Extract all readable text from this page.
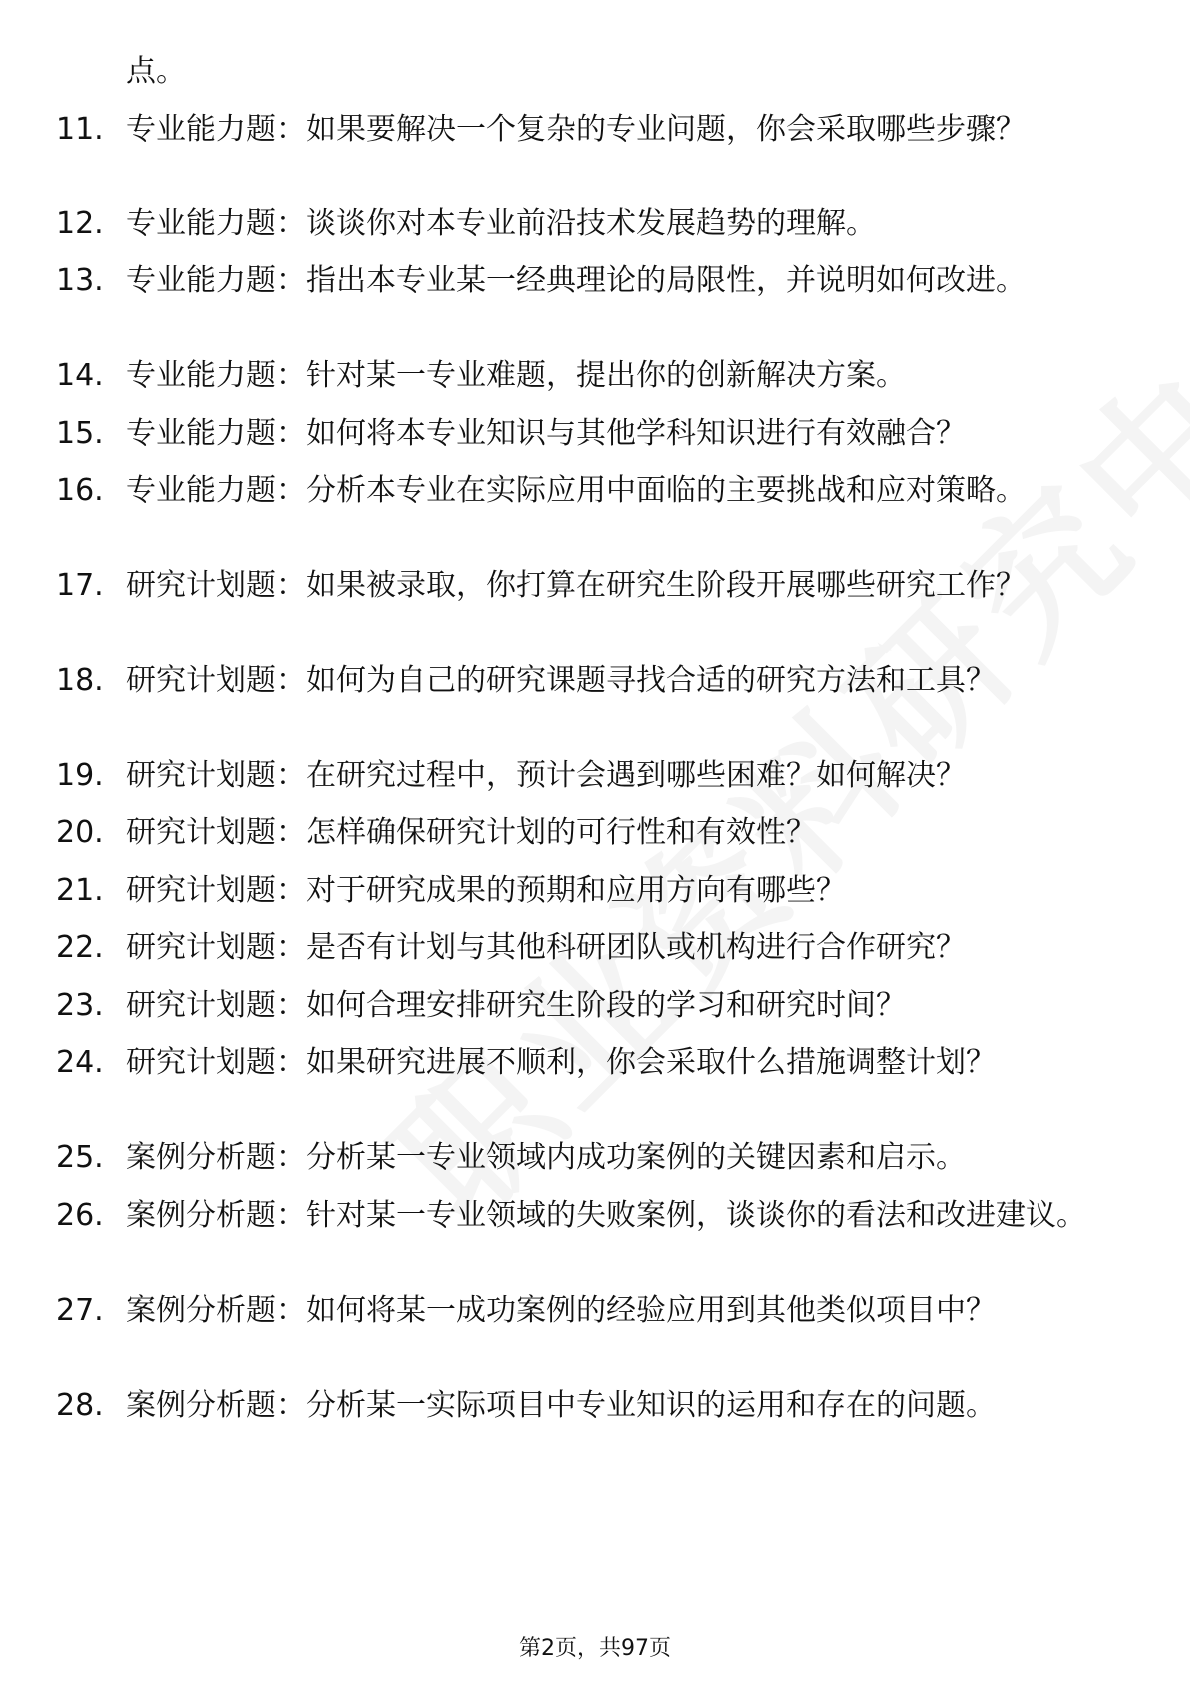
点。
11. 专业能力题：如果要解决一个复杂的专业问题，你会采取哪些步骤？
12. 专业能力题：谈谈你对本专业前沿技术发展趋势的理解。
13. 专业能力题：指出本专业某一经典理论的局限性，并说明如何改进。
14. 专业能力题：针对某一专业难题，提出你的创新解决方案。
15. 专业能力题：如何将本专业知识与其他学科知识进行有效融合？
16. 专业能力题：分析本专业在实际应用中面临的主要挑战和应对策略。
17. 研究计划题：如果被录取，你打算在研究生阶段开展哪些研究工作？
18. 研究计划题：如何为自己的研究课题寻找合适的研究方法和工具？
19. 研究计划题：在研究过程中，预计会遇到哪些困难？如何解决？
20. 研究计划题：怎样确保研究计划的可行性和有效性？
21. 研究计划题：对于研究成果的预期和应用方向有哪些？
22. 研究计划题：是否有计划与其他科研团队或机构进行合作研究？
23. 研究计划题：如何合理安排研究生阶段的学习和研究时间？
24. 研究计划题：如果研究进展不顺利，你会采取什么措施调整计划？
25. 案例分析题：分析某一专业领域内成功案例的关键因素和启示。
26. 案例分析题：针对某一专业领域的失败案例，谈谈你的看法和改进建议。
27. 案例分析题：如何将某一成功案例的经验应用到其他类似项目中？
28. 案例分析题：分析某一实际项目中专业知识的运用和存在的问题。
第2页，共97页
